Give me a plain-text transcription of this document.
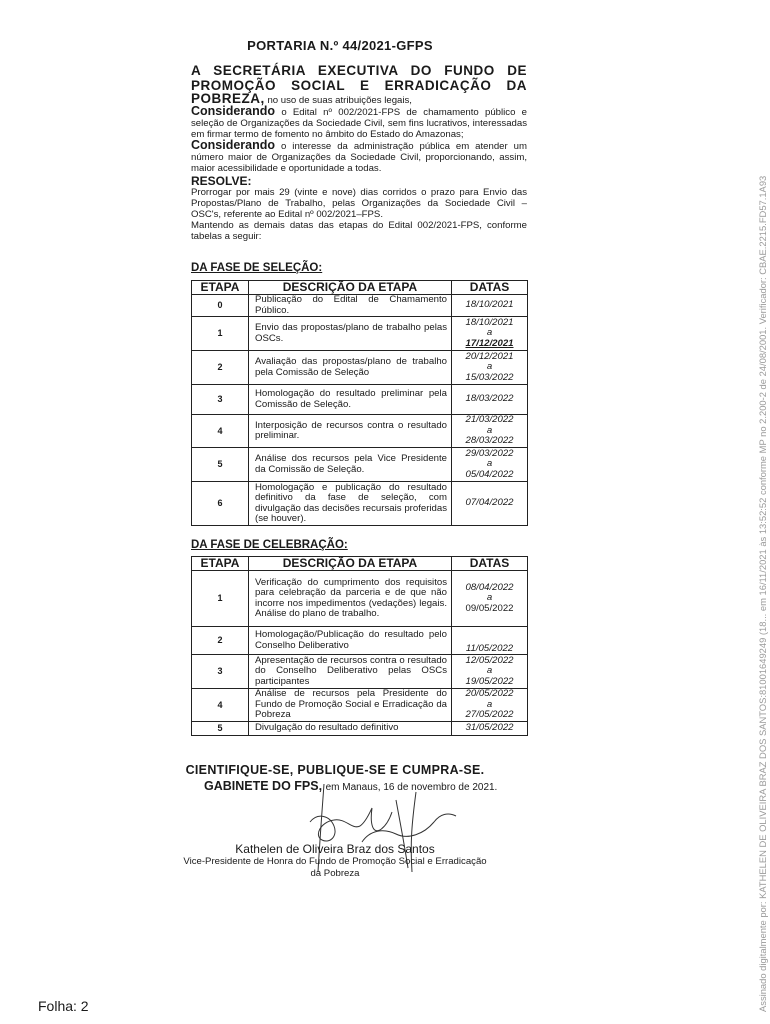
PORTARIA N.º 44/2021-GFPS
A SECRETÁRIA EXECUTIVA DO FUNDO DE
PROMOÇÃO SOCIAL E ERRADICAÇÃO DA
POBREZA, no uso de suas atribuições legais,

Considerando o Edital nº 002/2021-FPS de chamamento público e seleção de Organizações da Sociedade Civil, sem fins lucrativos, interessadas em firmar termo de fomento no âmbito do Estado do Amazonas;

Considerando o interesse da administração pública em atender um número maior de Organizações da Sociedade Civil, proporcionando, assim, maior acessibilidade e oportunidade a todas.

RESOLVE:

Prorrogar por mais 29 (vinte e nove) dias corridos o prazo para Envio das Propostas/Plano de Trabalho, pelas Organizações da Sociedade Civil – OSC's, referente ao Edital nº 002/2021–FPS.

Mantendo as demais datas das etapas do Edital 002/2021-FPS, conforme tabelas a seguir:

DA FASE DE SELEÇÃO:
ETAPA	DESCRIÇÃO DA ETAPA	DATAS
0	Publicação do Edital de Chamamento Público.	18/10/2021

1	Envio das propostas/plano de trabalho pelas OSCs.	18/10/2021
a
17/12/2021

2	Avaliação das propostas/plano de trabalho pela Comissão de Seleção	20/12/2021
a
15/03/2022

3	Homologação do resultado preliminar pela Comissão de Seleção.	18/03/2022

4	Interposição de recursos contra o resultado preliminar.	21/03/2022
a
28/03/2022

5	Análise dos recursos pela Vice Presidente da Comissão de Seleção.	29/03/2022
a
05/04/2022

6	Homologação e publicação do resultado definitivo da fase de seleção, com divulgação das decisões recursais proferidas (se houver).	07/04/2022
DA FASE DE CELEBRAÇÃO:
ETAPA	DESCRIÇÃO DA ETAPA	DATAS
1	Verificação do cumprimento dos requisitos para celebração da parceria e de que não incorre nos impedimentos (vedações) legais. Análise do plano de trabalho.	08/04/2022
a
09/05/2022

2	Homologação/Publicação do resultado pelo Conselho Deliberativo	11/05/2022

3	Apresentação de recursos contra o resultado do Conselho Deliberativo pelas OSCs participantes	12/05/2022
a
19/05/2022

4	Análise de recursos pela Presidente do Fundo de Promoção Social e Erradicação da Pobreza	20/05/2022
a
27/05/2022

5	Divulgação do resultado definitivo	31/05/2022
CIENTIFIQUE-SE, PUBLIQUE-SE E CUMPRA-SE.
GABINETE DO FPS, em Manaus, 16 de novembro de 2021.
Kathelen de Oliveira Braz dos Santos
Vice-Presidente de Honra do Fundo de Promoção Social e Erradicação
da Pobreza
Folha: 2	Assinado digitalmente por: KATHELEN DE OLIVEIRA BRAZ DOS SANTOS:81001649249 (18... em 16/11/2021 às 13:52:52 conforme MP no 2.200-2 de 24/08/2001. Verificador: CBAE.2215.FD57.1A93
